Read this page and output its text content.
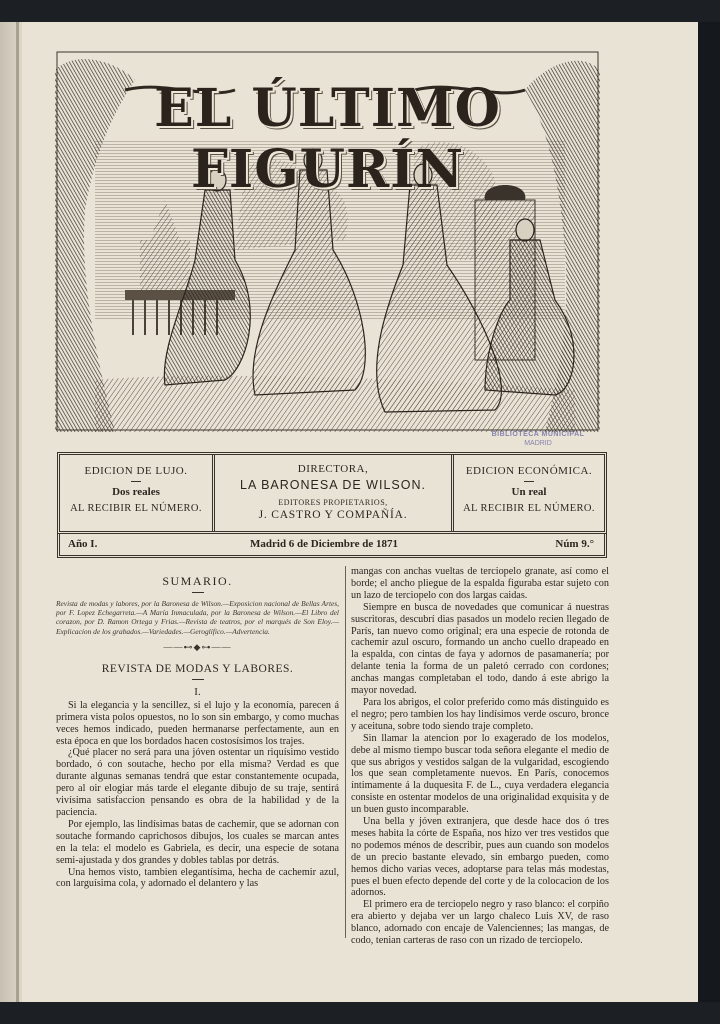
EL ÚLTIMO FIGURÍN
BIBLIOTECA MUNICIPAL
MADRID
EDICION DE LUJO.
Dos reales
AL RECIBIR EL NÚMERO.
DIRECTORA,
LA BARONESA DE WILSON.
EDITORES PROPIETARIOS,
J. CASTRO Y COMPAÑÍA.
EDICION ECONÓMICA.
Un real
AL RECIBIR EL NÚMERO.
Año I.	Madrid 6 de Diciembre de 1871	Núm 9.°
SUMARIO.

Revista de modas y labores, por la Baronesa de Wilson.—Exposicion nacional de Bellas Artes, por F. Lopez Echegarreta.—A María Inmaculada, por la Baronesa de Wilson.—El Libro del corazon, por D. Ramon Ortega y Frias.—Revista de teatros, por el marqués de Son Eloy.—Explicacion de los grabados.—Variedades.—Geroglífico.—Advertencia.

——⊷◆⊶——
REVISTA DE MODAS Y LABORES.
I.

Si la elegancia y la sencillez, si el lujo y la economía, parecen á primera vista polos opuestos, no lo son sin embargo, y como muchas veces hemos indicado, pueden hermanarse perfectamente, aun en esta época en que los bordados hacen costosísimos los trajes.

¿Qué placer no será para una jóven ostentar un riquísimo vestido bordado, ó con soutache, hecho por ella misma? Verdad es que durante algunas semanas tendrá que estar constantemente ocupada, pero al oir elogiar más tarde el elegante dibujo de su traje, sentirá vivísima satisfaccion pensando es obra de la habilidad y de la paciencia.

Por ejemplo, las lindísimas batas de cachemir, que se adornan con soutache formando caprichosos dibujos, los cuales se marcan antes en la tela: el modelo es Gabriela, es decir, una especie de sotana semi-ajustada y dos grandes y dobles tablas por detrás.

Una hemos visto, tambien elegantísima, hecha de cachemir azul, con larguísima cola, y adornado el delantero y las

mangas con anchas vueltas de terciopelo granate, así como el borde; el ancho pliegue de la espalda figuraba estar sujeto con un lazo de terciopelo con dos largas caidas.

Siempre en busca de novedades que comunicar á nuestras suscritoras, descubrí dias pasados un modelo recien llegado de París, tan nuevo como original; era una especie de rotonda de cachemir azul oscuro, formando un ancho cuello drapeado en la espalda, con cintas de faya y adornos de pasamanería; por delante tenia la forma de un paletó cerrado con cordones; anchas mangas completaban el todo, dando á este abrigo la mayor novedad.

Para los abrigos, el color preferido como más distinguido es el negro; pero tambien los hay lindísimos verde oscuro, bronce y aceituna, sobre todo siendo traje completo.

Sin llamar la atencion por lo exagerado de los modelos, debe al mismo tiempo buscar toda señora elegante el medio de que sus abrigos y vestidos salgan de la vulgaridad, escogiendo los que sean completamente nuevos. En París, conocemos íntimamente á la duquesita F. de L., cuya verdadera elegancia consiste en ostentar modelos de una originalidad exquisita y de un buen gusto incomparable.

Una bella y jóven extranjera, que desde hace dos ó tres meses habita la córte de España, nos hizo ver tres vestidos que no podemos ménos de describir, pues aun cuando son modelos de un precio bastante elevado, sin embargo pueden, como hemos dicho varias veces, adoptarse para telas más modestas, pues el buen efecto depende del corte y de la colocacion de los adornos.

El primero era de terciopelo negro y raso blanco: el corpiño era abierto y dejaba ver un largo chaleco Luis XV, de raso blanco, adornado con encaje de Valenciennes; las mangas, de codo, tenian carteras de raso con un rizado de terciopelo.
